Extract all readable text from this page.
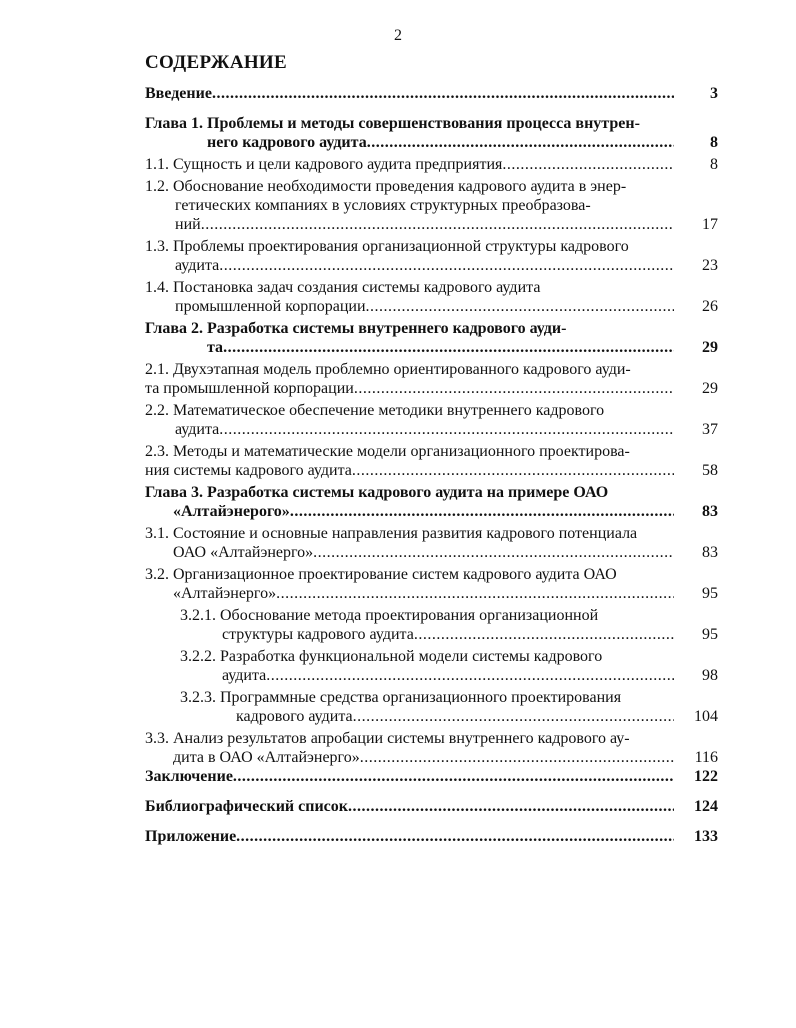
2
СОДЕРЖАНИЕ
Введение .....	3
Глава 1. Проблемы и методы совершенствования процесса внутрен-
него кадрового аудита .....	8
1.1. Сущность и цели кадрового аудита предприятия .....	8
1.2. Обоснование необходимости проведения кадрового аудита в энер-
гетических компаниях в условиях структурных преобразова-
ний .....	17
1.3. Проблемы проектирования организационной структуры кадрового
аудита .....	23
1.4. Постановка задач создания системы кадрового аудита
промышленной корпорации .....	26
Глава 2. Разработка системы внутреннего кадрового ауди-
та .....	29
2.1. Двухэтапная модель проблемно ориентированного кадрового ауди-
та промышленной корпорации .....	29
2.2. Математическое обеспечение методики внутреннего кадрового
аудита .....	37
2.3. Методы и математические модели организационного проектирова-
ния системы кадрового аудита .....	58
Глава 3. Разработка системы кадрового аудита на примере ОАО
«Алтайэнерого» .....	83
3.1. Состояние и основные направления развития кадрового потенциала
ОАО «Алтайэнерго» .....	83
3.2. Организационное проектирование систем кадрового аудита ОАО
«Алтайэнерго» .....	95
3.2.1. Обоснование метода проектирования организационной
структуры кадрового аудита .....	95
3.2.2. Разработка функциональной модели системы кадрового
аудита .....	98
3.2.3. Программные средства организационного проектирования
кадрового аудита .....	104
3.3. Анализ результатов апробации системы внутреннего кадрового ау-
дита в ОАО «Алтайэнерго» .....	116
Заключение .....	122
Библиографический список .....	124
Приложение .....	133
